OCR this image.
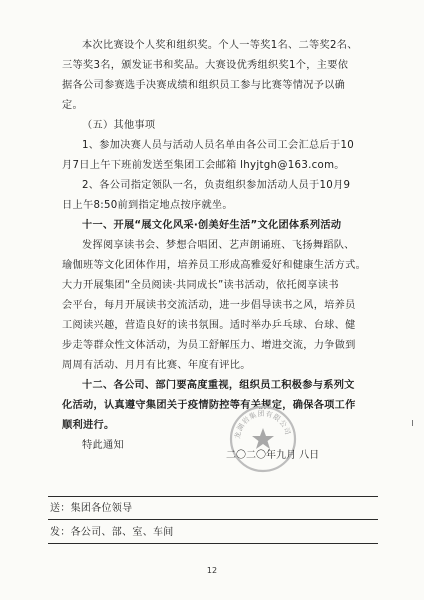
本次比赛设个人奖和组织奖。个人一等奖1名、二等奖2名、
三等奖3名，颁发证书和奖品。大赛设优秀组织奖1个，主要依
据各公司参赛选手决赛成绩和组织员工参与比赛等情况予以确
定。
（五）其他事项
1、参加决赛人员与活动人员名单由各公司工会汇总后于10
月7日上午下班前发送至集团工会邮箱 lhyjtgh@163.com。
2、各公司指定领队一名，负责组织参加活动人员于10月9
日上午8:50前到指定地点按序就坐。
十一、开展“展文化风采·创美好生活”文化团体系列活动
发挥阅享读书会、梦想合唱团、艺声朗诵班、飞扬舞蹈队、
瑜伽班等文化团体作用，培养员工形成高雅爱好和健康生活方式。
大力开展集团“全员阅读·共同成长”读书活动，依托阅享读书
会平台，每月开展读书交流活动，进一步倡导读书之风，培养员
工阅读兴趣，营造良好的读书氛围。适时举办乒乓球、台球、健
步走等群众性文体活动，为员工舒解压力、增进交流，力争做到
周周有活动、月月有比赛、年度有评比。
十二、各公司、部门要高度重视，组织员工积极参与系列文
化活动，认真遵守集团关于疫情防控等有关规定，确保各项工作
顺利进行。
特此通知
龙湖岩集团有限公司
二〇二〇年九月 八日
送：集团各位领导
发：各公司、部、室、车间
12
